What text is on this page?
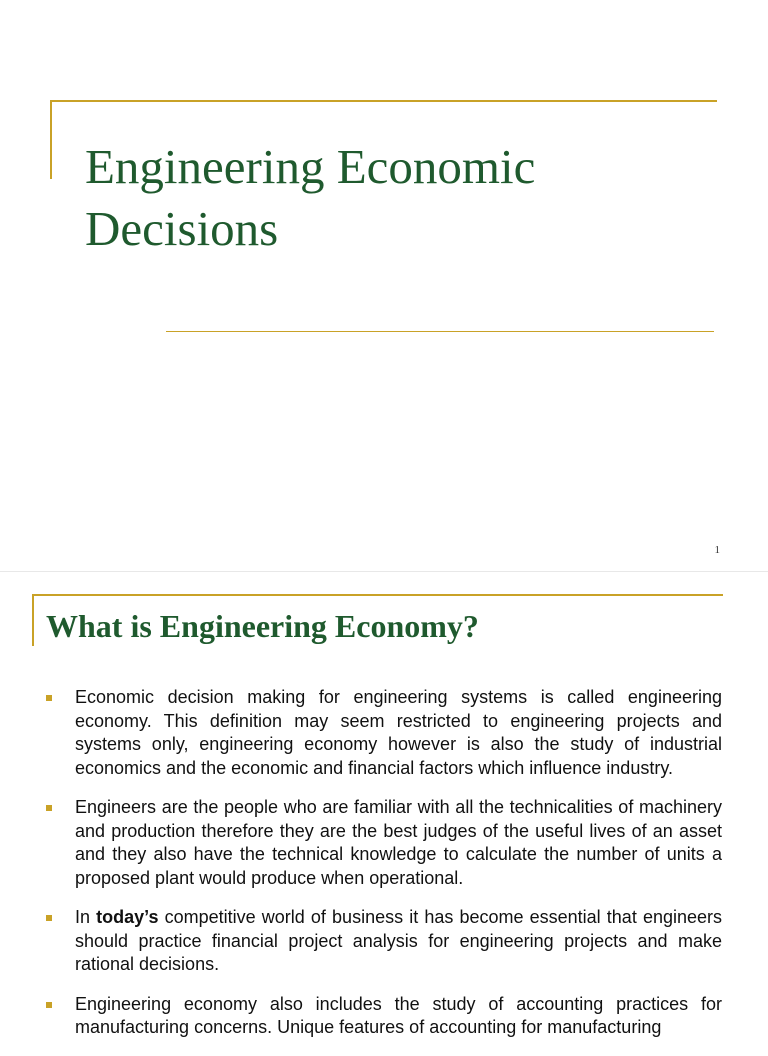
Engineering Economic Decisions
1
What is Engineering Economy?
Economic decision making for engineering systems is called engineering economy. This definition may seem restricted to engineering projects and systems only, engineering economy however is also the study of industrial economics and the economic and financial factors which influence industry.
Engineers are the people who are familiar with all the technicalities of machinery and production therefore they are the best judges of the useful lives of an asset and they also have the technical knowledge to calculate the number of units a proposed plant would produce when operational.
In today’s competitive world of business it has become essential that engineers should practice financial project analysis for engineering projects and make rational decisions.
Engineering economy also includes the study of accounting practices for manufacturing concerns. Unique features of accounting for manufacturing
